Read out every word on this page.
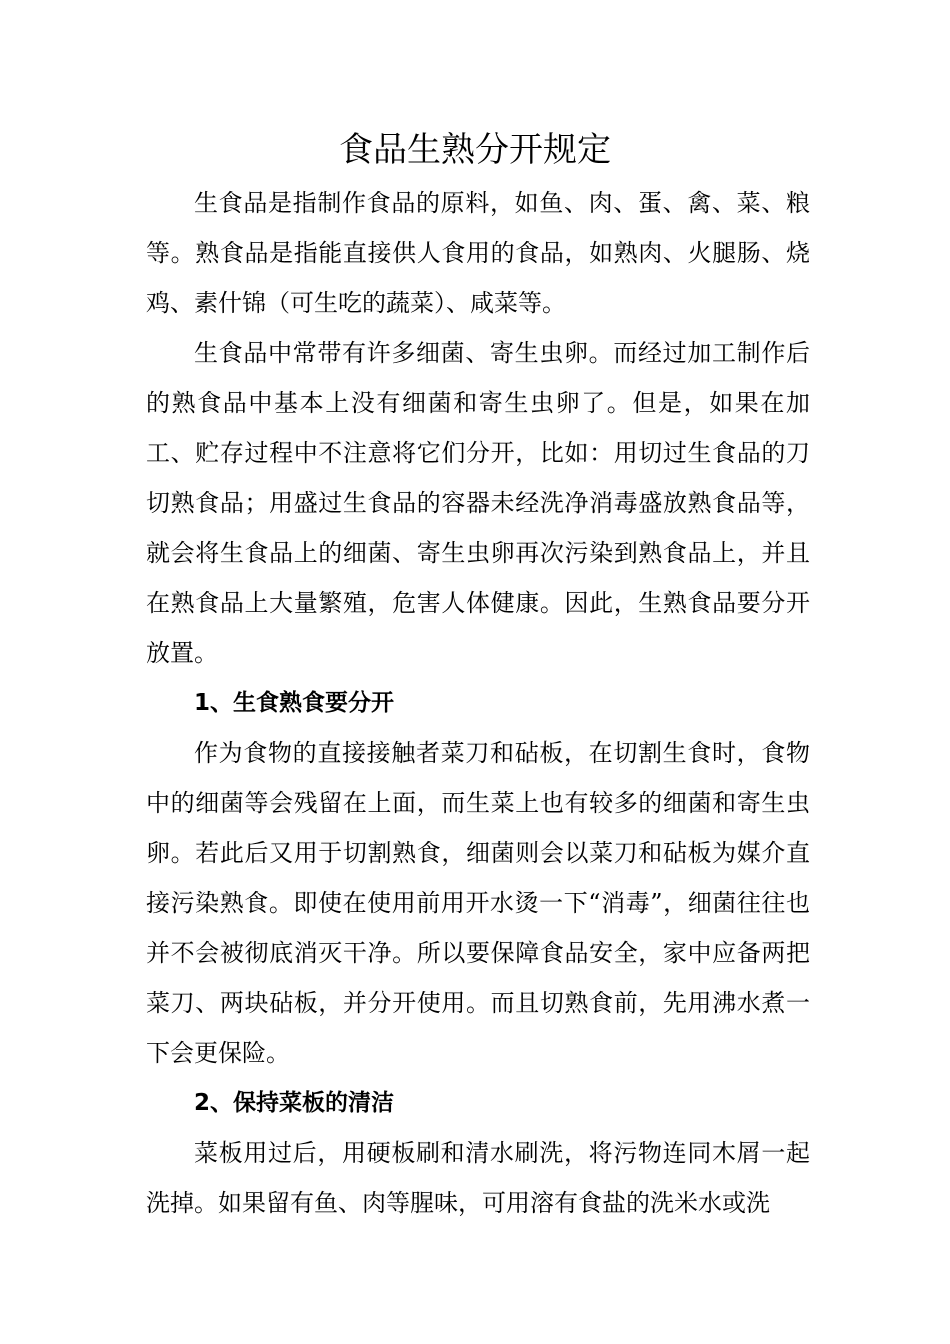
食品生熟分开规定

生食品是指制作食品的原料，如鱼、肉、蛋、禽、菜、粮等。熟食品是指能直接供人食用的食品，如熟肉、火腿肠、烧鸡、素什锦（可生吃的蔬菜）、咸菜等。

生食品中常带有许多细菌、寄生虫卵。而经过加工制作后的熟食品中基本上没有细菌和寄生虫卵了。但是，如果在加工、贮存过程中不注意将它们分开，比如：用切过生食品的刀切熟食品；用盛过生食品的容器未经洗净消毒盛放熟食品等，就会将生食品上的细菌、寄生虫卵再次污染到熟食品上，并且在熟食品上大量繁殖，危害人体健康。因此，生熟食品要分开放置。

1、生食熟食要分开

作为食物的直接接触者菜刀和砧板，在切割生食时，食物中的细菌等会残留在上面，而生菜上也有较多的细菌和寄生虫卵。若此后又用于切割熟食，细菌则会以菜刀和砧板为媒介直接污染熟食。即使在使用前用开水烫一下“消毒”，细菌往往也并不会被彻底消灭干净。所以要保障食品安全，家中应备两把菜刀、两块砧板，并分开使用。而且切熟食前，先用沸水煮一下会更保险。

2、保持菜板的清洁

菜板用过后，用硬板刷和清水刷洗，将污物连同木屑一起洗掉。如果留有鱼、肉等腥味，可用溶有食盐的洗米水或洗
